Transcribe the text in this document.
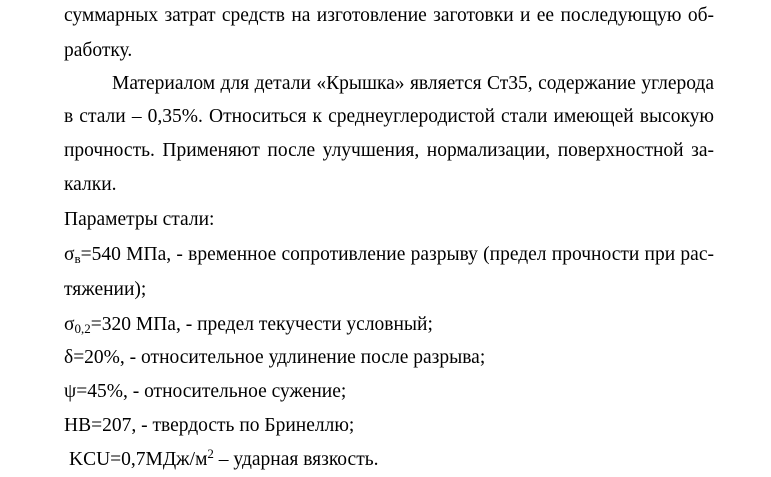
суммарных затрат средств на изготовление заготовки и ее последующую об-
работку.
Материалом для детали «Крышка» является Ст35, содержание углерода
в стали – 0,35%. Относиться к среднеуглеродистой стали имеющей высокую
прочность. Применяют после улучшения, нормализации, поверхностной за-
калки.
Параметры стали:
$\sigma_в=540$ МПа, - временное сопротивление разрыву (предел прочности при рас-
тяжении);
$\sigma_{0,2}=320$ МПа, - предел текучести условный;
δ=20%, - относительное удлинение после разрыва;
ψ=45%, - относительное сужение;
НВ=207, - твердость по Бринеллю;
$KCU=0,7МДж/м^2$ – ударная вязкость.
